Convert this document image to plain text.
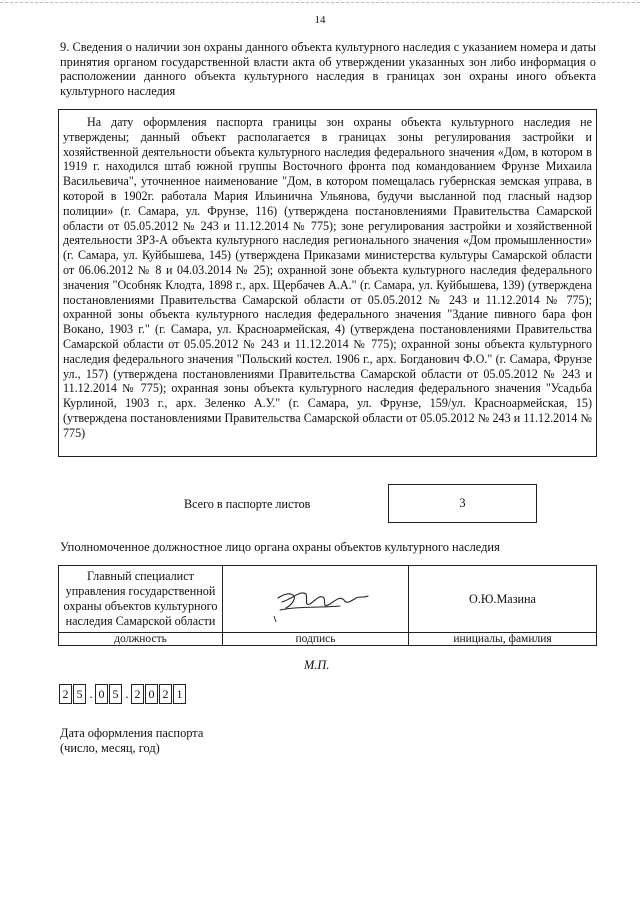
14

9. Сведения о наличии зон охраны данного объекта культурного наследия с указанием номера и даты принятия органом государственной власти акта об утверждении указанных зон либо информация о расположении данного объекта культурного наследия в границах зон охраны иного объекта культурного наследия

На дату оформления паспорта границы зон охраны объекта культурного наследия не утверждены; данный объект располагается в границах зоны регулирования застройки и хозяйственной деятельности объекта культурного наследия федерального значения «Дом, в котором в 1919 г. находился штаб южной группы Восточного фронта под командованием Фрунзе Михаила Васильевича", уточненное наименование "Дом, в котором помещалась губернская земская управа, в которой в 1902г. работала Мария Ильинична Ульянова, будучи высланной под гласный надзор полиции» (г. Самара, ул. Фрунзе, 116) (утверждена постановлениями Правительства Самарской области от 05.05.2012 № 243 и 11.12.2014 № 775); зоне регулирования застройки и хозяйственной деятельности ЗРЗ-А объекта культурного наследия регионального значения «Дом промышленности» (г. Самара, ул. Куйбышева, 145) (утверждена Приказами министерства культуры Самарской области от 06.06.2012 № 8 и 04.03.2014 № 25); охранной зоне объекта культурного наследия федерального значения "Особняк Клодта, 1898 г., арх. Щербачев А.А." (г. Самара, ул. Куйбышева, 139) (утверждена постановлениями Правительства Самарской области от 05.05.2012 № 243 и 11.12.2014 № 775); охранной зоны объекта культурного наследия федерального значения "Здание пивного бара фон Вокано, 1903 г." (г. Самара, ул. Красноармейская, 4) (утверждена постановлениями Правительства Самарской области от 05.05.2012 № 243 и 11.12.2014 № 775); охранной зоны объекта культурного наследия федерального значения "Польский костел. 1906 г., арх. Богданович Ф.О." (г. Самара, Фрунзе ул., 157) (утверждена постановлениями Правительства Самарской области от 05.05.2012 № 243 и 11.12.2014 № 775); охранная зоны объекта культурного наследия федерального значения "Усадьба Курлиной, 1903 г., арх. Зеленко А.У." (г. Самара, ул. Фрунзе, 159/ул. Красноармейская, 15) (утверждена постановлениями Правительства Самарской области от 05.05.2012 № 243 и 11.12.2014 № 775)

Всего в паспорте листов	3
Уполномоченное должностное лицо органа охраны объектов культурного наследия
Главный специалист управления государственной охраны объектов культурного наследия Самарской области		О.Ю.Мазина
должность	подпись	инициалы, фамилия
М.П.
2 5 . 0 5 . 2 0 2 1
Дата оформления паспорта
(число, месяц, год)
